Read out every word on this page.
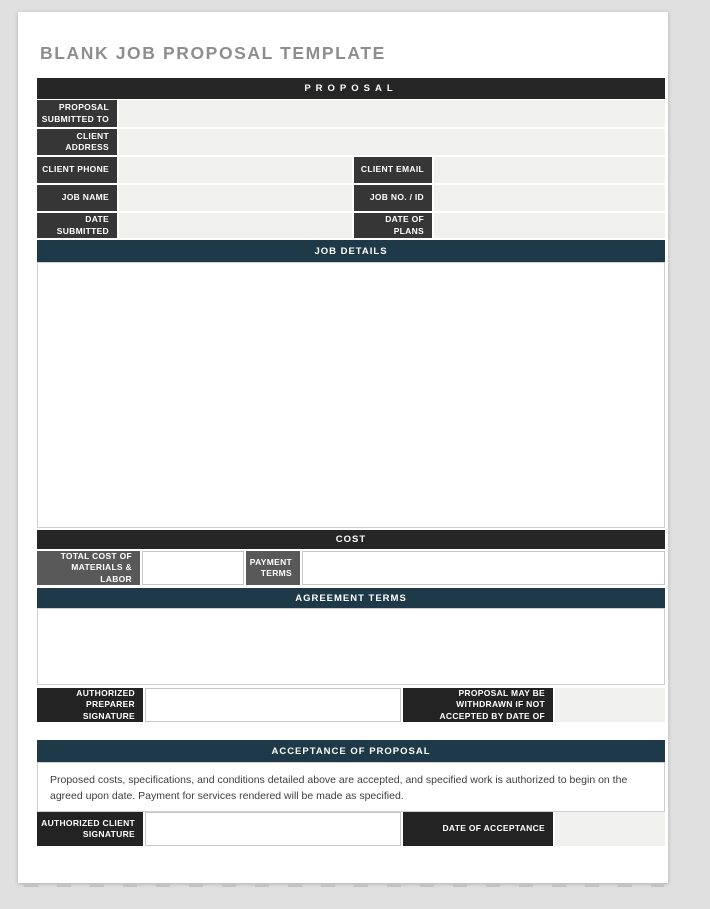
BLANK JOB PROPOSAL TEMPLATE
PROPOSAL
PROPOSAL SUBMITTED TO
CLIENT ADDRESS
CLIENT PHONE	CLIENT EMAIL
JOB NAME	JOB NO. / ID
DATE SUBMITTED
DATE OF PLANS
JOB DETAILS
COST
TOTAL COST OF MATERIALS & LABOR
PAYMENT TERMS
AGREEMENT TERMS
AUTHORIZED PREPARER SIGNATURE
PROPOSAL MAY BE WITHDRAWN IF NOT ACCEPTED BY DATE OF
ACCEPTANCE OF PROPOSAL
Proposed costs, specifications, and conditions detailed above are accepted, and specified work is authorized to begin on the agreed upon date. Payment for services rendered will be made as specified.
AUTHORIZED CLIENT SIGNATURE
DATE OF ACCEPTANCE
